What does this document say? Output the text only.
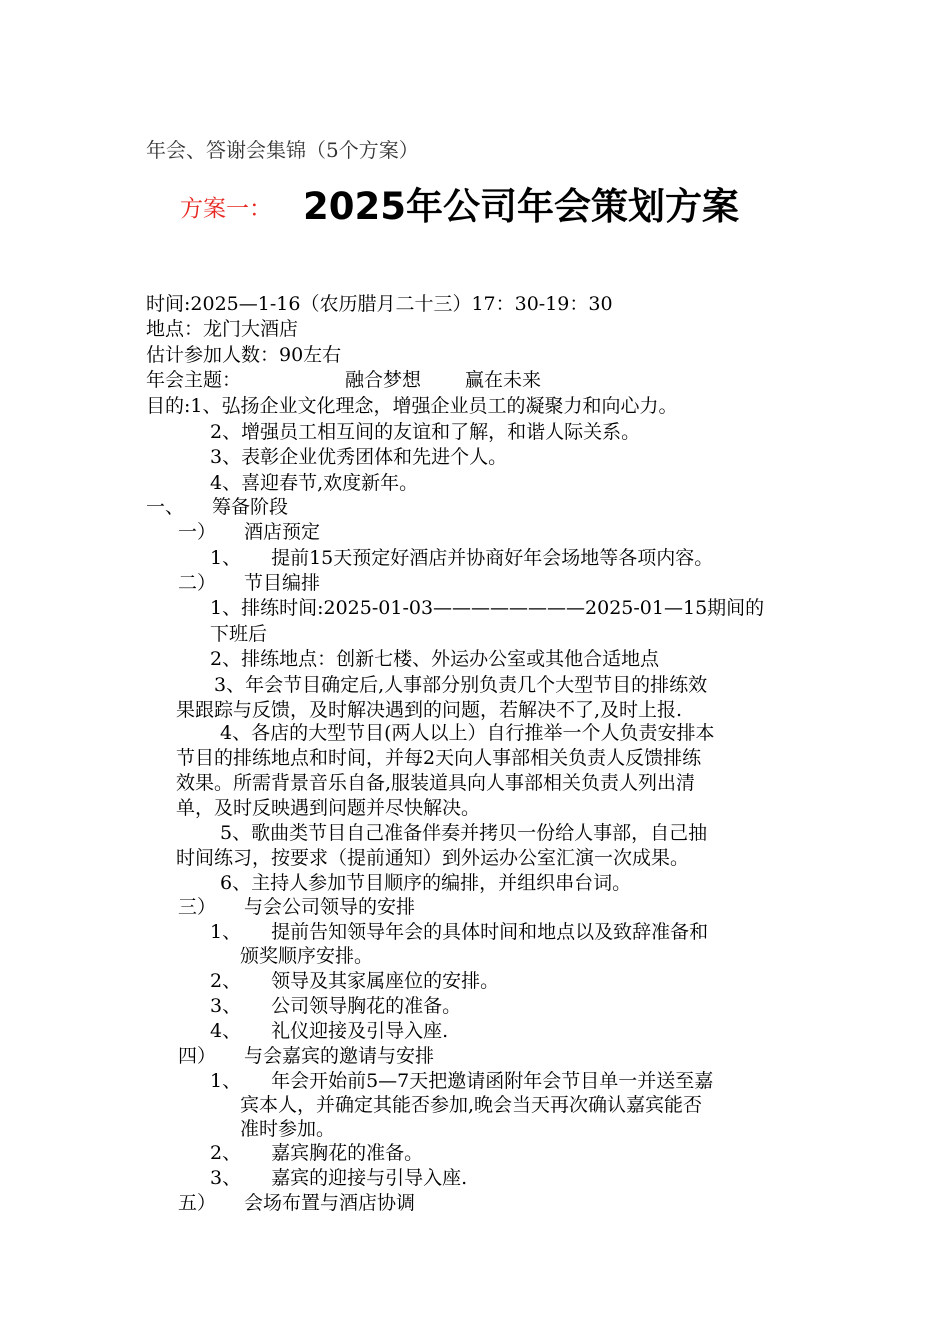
年会、答谢会集锦（5个方案）
方案一： 2025年公司年会策划方案
时间:2025—1-16（农历腊月二十三）17：30-19：30
地点：龙门大酒店
估计参加人数：90左右
年会主题：	融合梦想 赢在未来
目的:1、弘扬企业文化理念，增强企业员工的凝聚力和向心力。
2、增强员工相互间的友谊和了解，和谐人际关系。
3、表彰企业优秀团体和先进个人。
4、喜迎春节,欢度新年。
一、 筹备阶段
一） 酒店预定
1、 提前15天预定好酒店并协商好年会场地等各项内容。
二） 节目编排
1、排练时间:2025-01-03————————2025-01—15期间的
下班后
2、排练地点：创新七楼、外运办公室或其他合适地点
3、年会节目确定后,人事部分别负责几个大型节目的排练效
果跟踪与反馈，及时解决遇到的问题，若解决不了,及时上报.
4、各店的大型节目(两人以上）自行推举一个人负责安排本
节目的排练地点和时间，并每2天向人事部相关负责人反馈排练
效果。所需背景音乐自备,服装道具向人事部相关负责人列出清
单，及时反映遇到问题并尽快解决。
5、歌曲类节目自己准备伴奏并拷贝一份给人事部，自己抽
时间练习，按要求（提前通知）到外运办公室汇演一次成果。
6、主持人参加节目顺序的编排，并组织串台词。
三） 与会公司领导的安排
1、 提前告知领导年会的具体时间和地点以及致辞准备和
颁奖顺序安排。
2、 领导及其家属座位的安排。
3、 公司领导胸花的准备。
4、 礼仪迎接及引导入座.
四） 与会嘉宾的邀请与安排
1、 年会开始前5—7天把邀请函附年会节目单一并送至嘉
宾本人，并确定其能否参加,晚会当天再次确认嘉宾能否
准时参加。
2、 嘉宾胸花的准备。
3、 嘉宾的迎接与引导入座.
五） 会场布置与酒店协调
